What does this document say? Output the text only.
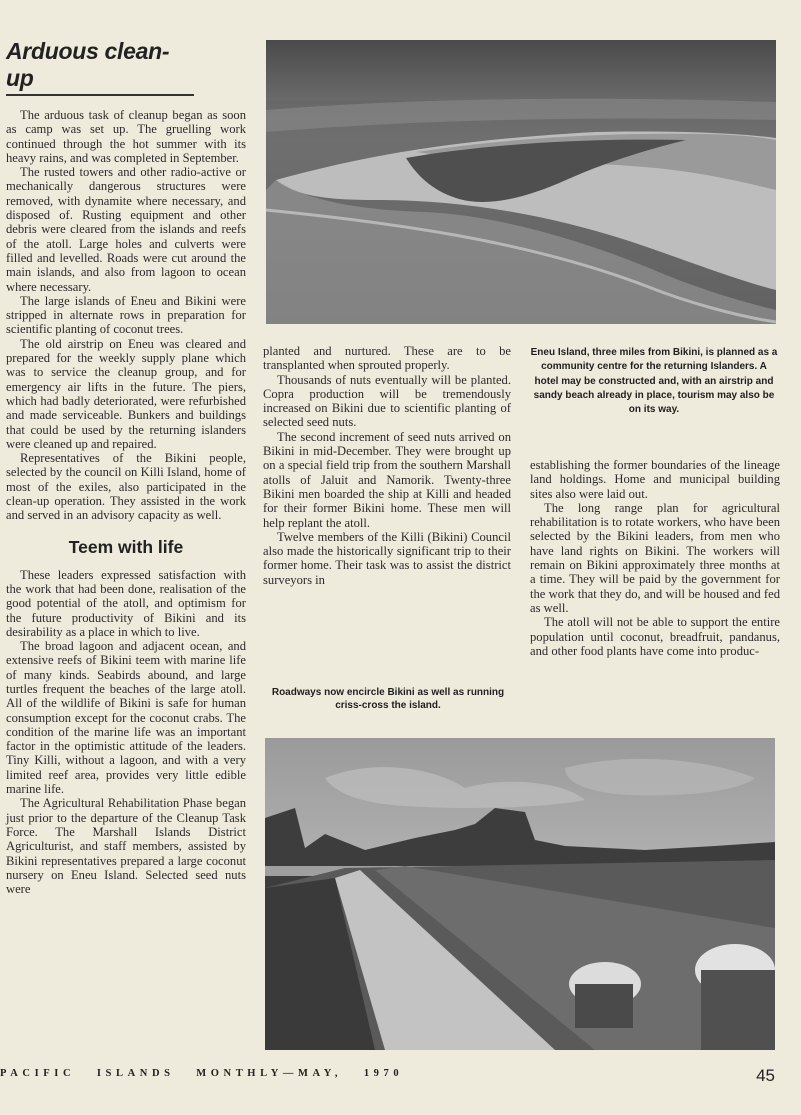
Arduous clean-up

The arduous task of cleanup began as soon as camp was set up. The gruelling work continued through the hot summer with its heavy rains, and was completed in September.

The rusted towers and other radio-active or mechanically dangerous structures were removed, with dynamite where necessary, and disposed of. Rusting equipment and other debris were cleared from the islands and reefs of the atoll. Large holes and culverts were filled and levelled. Roads were cut around the main islands, and also from lagoon to ocean where necessary.

The large islands of Eneu and Bikini were stripped in alternate rows in preparation for scientific planting of coconut trees.

The old airstrip on Eneu was cleared and prepared for the weekly supply plane which was to service the cleanup group, and for emergency air lifts in the future. The piers, which had badly deteriorated, were refurbished and made serviceable. Bunkers and buildings that could be used by the returning islanders were cleaned up and repaired.

Representatives of the Bikini people, selected by the council on Killi Island, home of most of the exiles, also participated in the clean-up operation. They assisted in the work and served in an advisory capacity as well.

Teem with life

These leaders expressed satisfaction with the work that had been done, realisation of the good potential of the atoll, and optimism for the future productivity of Bikini and its desirability as a place in which to live.

The broad lagoon and adjacent ocean, and extensive reefs of Bikini teem with marine life of many kinds. Seabirds abound, and large turtles frequent the beaches of the large atoll. All of the wildlife of Bikini is safe for human consumption except for the coconut crabs. The condition of the marine life was an important factor in the optimistic attitude of the leaders. Tiny Killi, without a lagoon, and with a very limited reef area, provides very little edible marine life.

The Agricultural Rehabilitation Phase began just prior to the departure of the Cleanup Task Force. The Marshall Islands District Agriculturist, and staff members, assisted by Bikini representatives prepared a large coconut nursery on Eneu Island. Selected seed nuts were

planted and nurtured. These are to be transplanted when sprouted properly.

Thousands of nuts eventually will be planted. Copra production will be tremendously increased on Bikini due to scientific planting of selected seed nuts.

The second increment of seed nuts arrived on Bikini in mid-December. They were brought up on a special field trip from the southern Marshall atolls of Jaluit and Namorik. Twenty-three Bikini men boarded the ship at Killi and headed for their former Bikini home. These men will help replant the atoll.

Twelve members of the Killi (Bikini) Council also made the historically significant trip to their former home. Their task was to assist the district surveyors in

Roadways now encircle Bikini as well as running criss-cross the island.
Eneu Island, three miles from Bikini, is planned as a community centre for the returning Islanders. A hotel may be constructed and, with an airstrip and sandy beach already in place, tourism may also be on its way.

establishing the former boundaries of the lineage land holdings. Home and municipal building sites also were laid out.

The long range plan for agricultural rehabilitation is to rotate workers, who have been selected by the Bikini leaders, from men who have land rights on Bikini. The workers will remain on Bikini approximately three months at a time. They will be paid by the government for the work that they do, and will be housed and fed as well.

The atoll will not be able to support the entire population until coconut, breadfruit, pandanus, and other food plants have come into produc-

PACIFIC   ISLANDS   MONTHLY—MAY,   1970	45
